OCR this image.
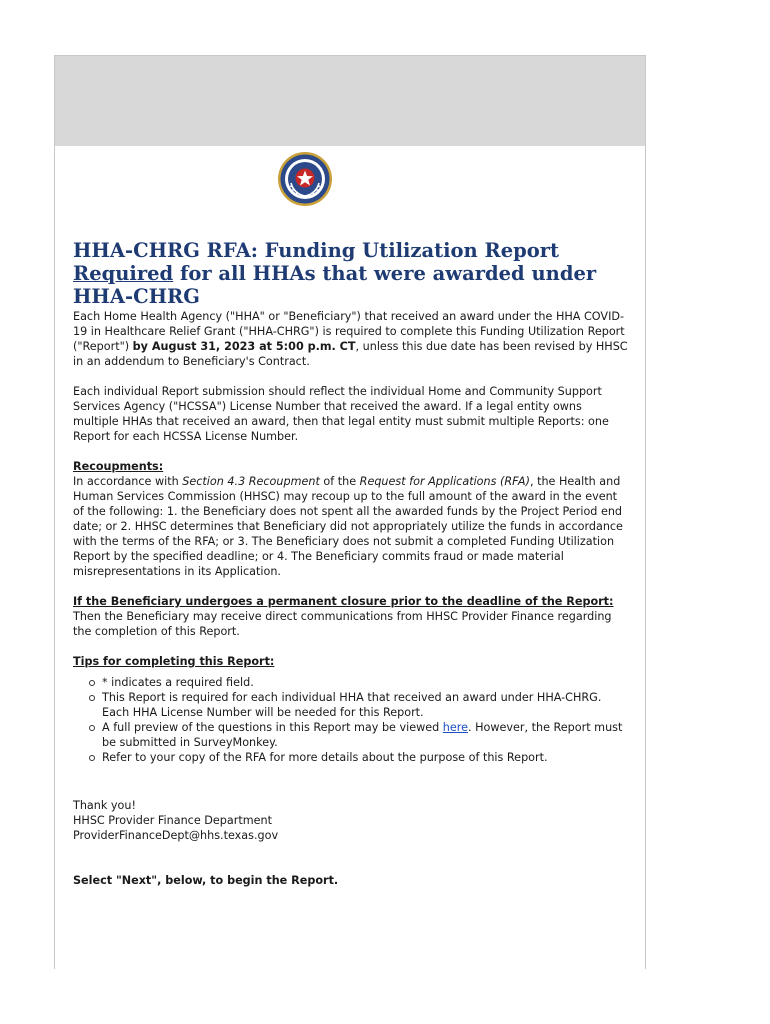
HHA-CHRG RFA: Funding Utilization Report
Required for all HHAs that were awarded under HHA-CHRG

Each Home Health Agency ("HHA" or "Beneficiary") that received an award under the HHA COVID-19 in Healthcare Relief Grant ("HHA-CHRG") is required to complete this Funding Utilization Report ("Report") by August 31, 2023 at 5:00 p.m. CT, unless this due date has been revised by HHSC in an addendum to Beneficiary's Contract.

Each individual Report submission should reflect the individual Home and Community Support Services Agency ("HCSSA") License Number that received the award. If a legal entity owns multiple HHAs that received an award, then that legal entity must submit multiple Reports: one Report for each HCSSA License Number.

Recoupments:
In accordance with Section 4.3 Recoupment of the Request for Applications (RFA), the Health and Human Services Commission (HHSC) may recoup up to the full amount of the award in the event of the following: 1. the Beneficiary does not spent all the awarded funds by the Project Period end date; or 2. HHSC determines that Beneficiary did not appropriately utilize the funds in accordance with the terms of the RFA; or 3. The Beneficiary does not submit a completed Funding Utilization Report by the specified deadline; or 4. The Beneficiary commits fraud or made material misrepresentations in its Application.

If the Beneficiary undergoes a permanent closure prior to the deadline of the Report:
Then the Beneficiary may receive direct communications from HHSC Provider Finance regarding the completion of this Report.

Tips for completing this Report:
* indicates a required field.
This Report is required for each individual HHA that received an award under HHA-CHRG. Each HHA License Number will be needed for this Report.
A full preview of the questions in this Report may be viewed here. However, the Report must be submitted in SurveyMonkey.
Refer to your copy of the RFA for more details about the purpose of this Report.
Thank you!
HHSC Provider Finance Department
ProviderFinanceDept@hhs.texas.gov
Select "Next", below, to begin the Report.
